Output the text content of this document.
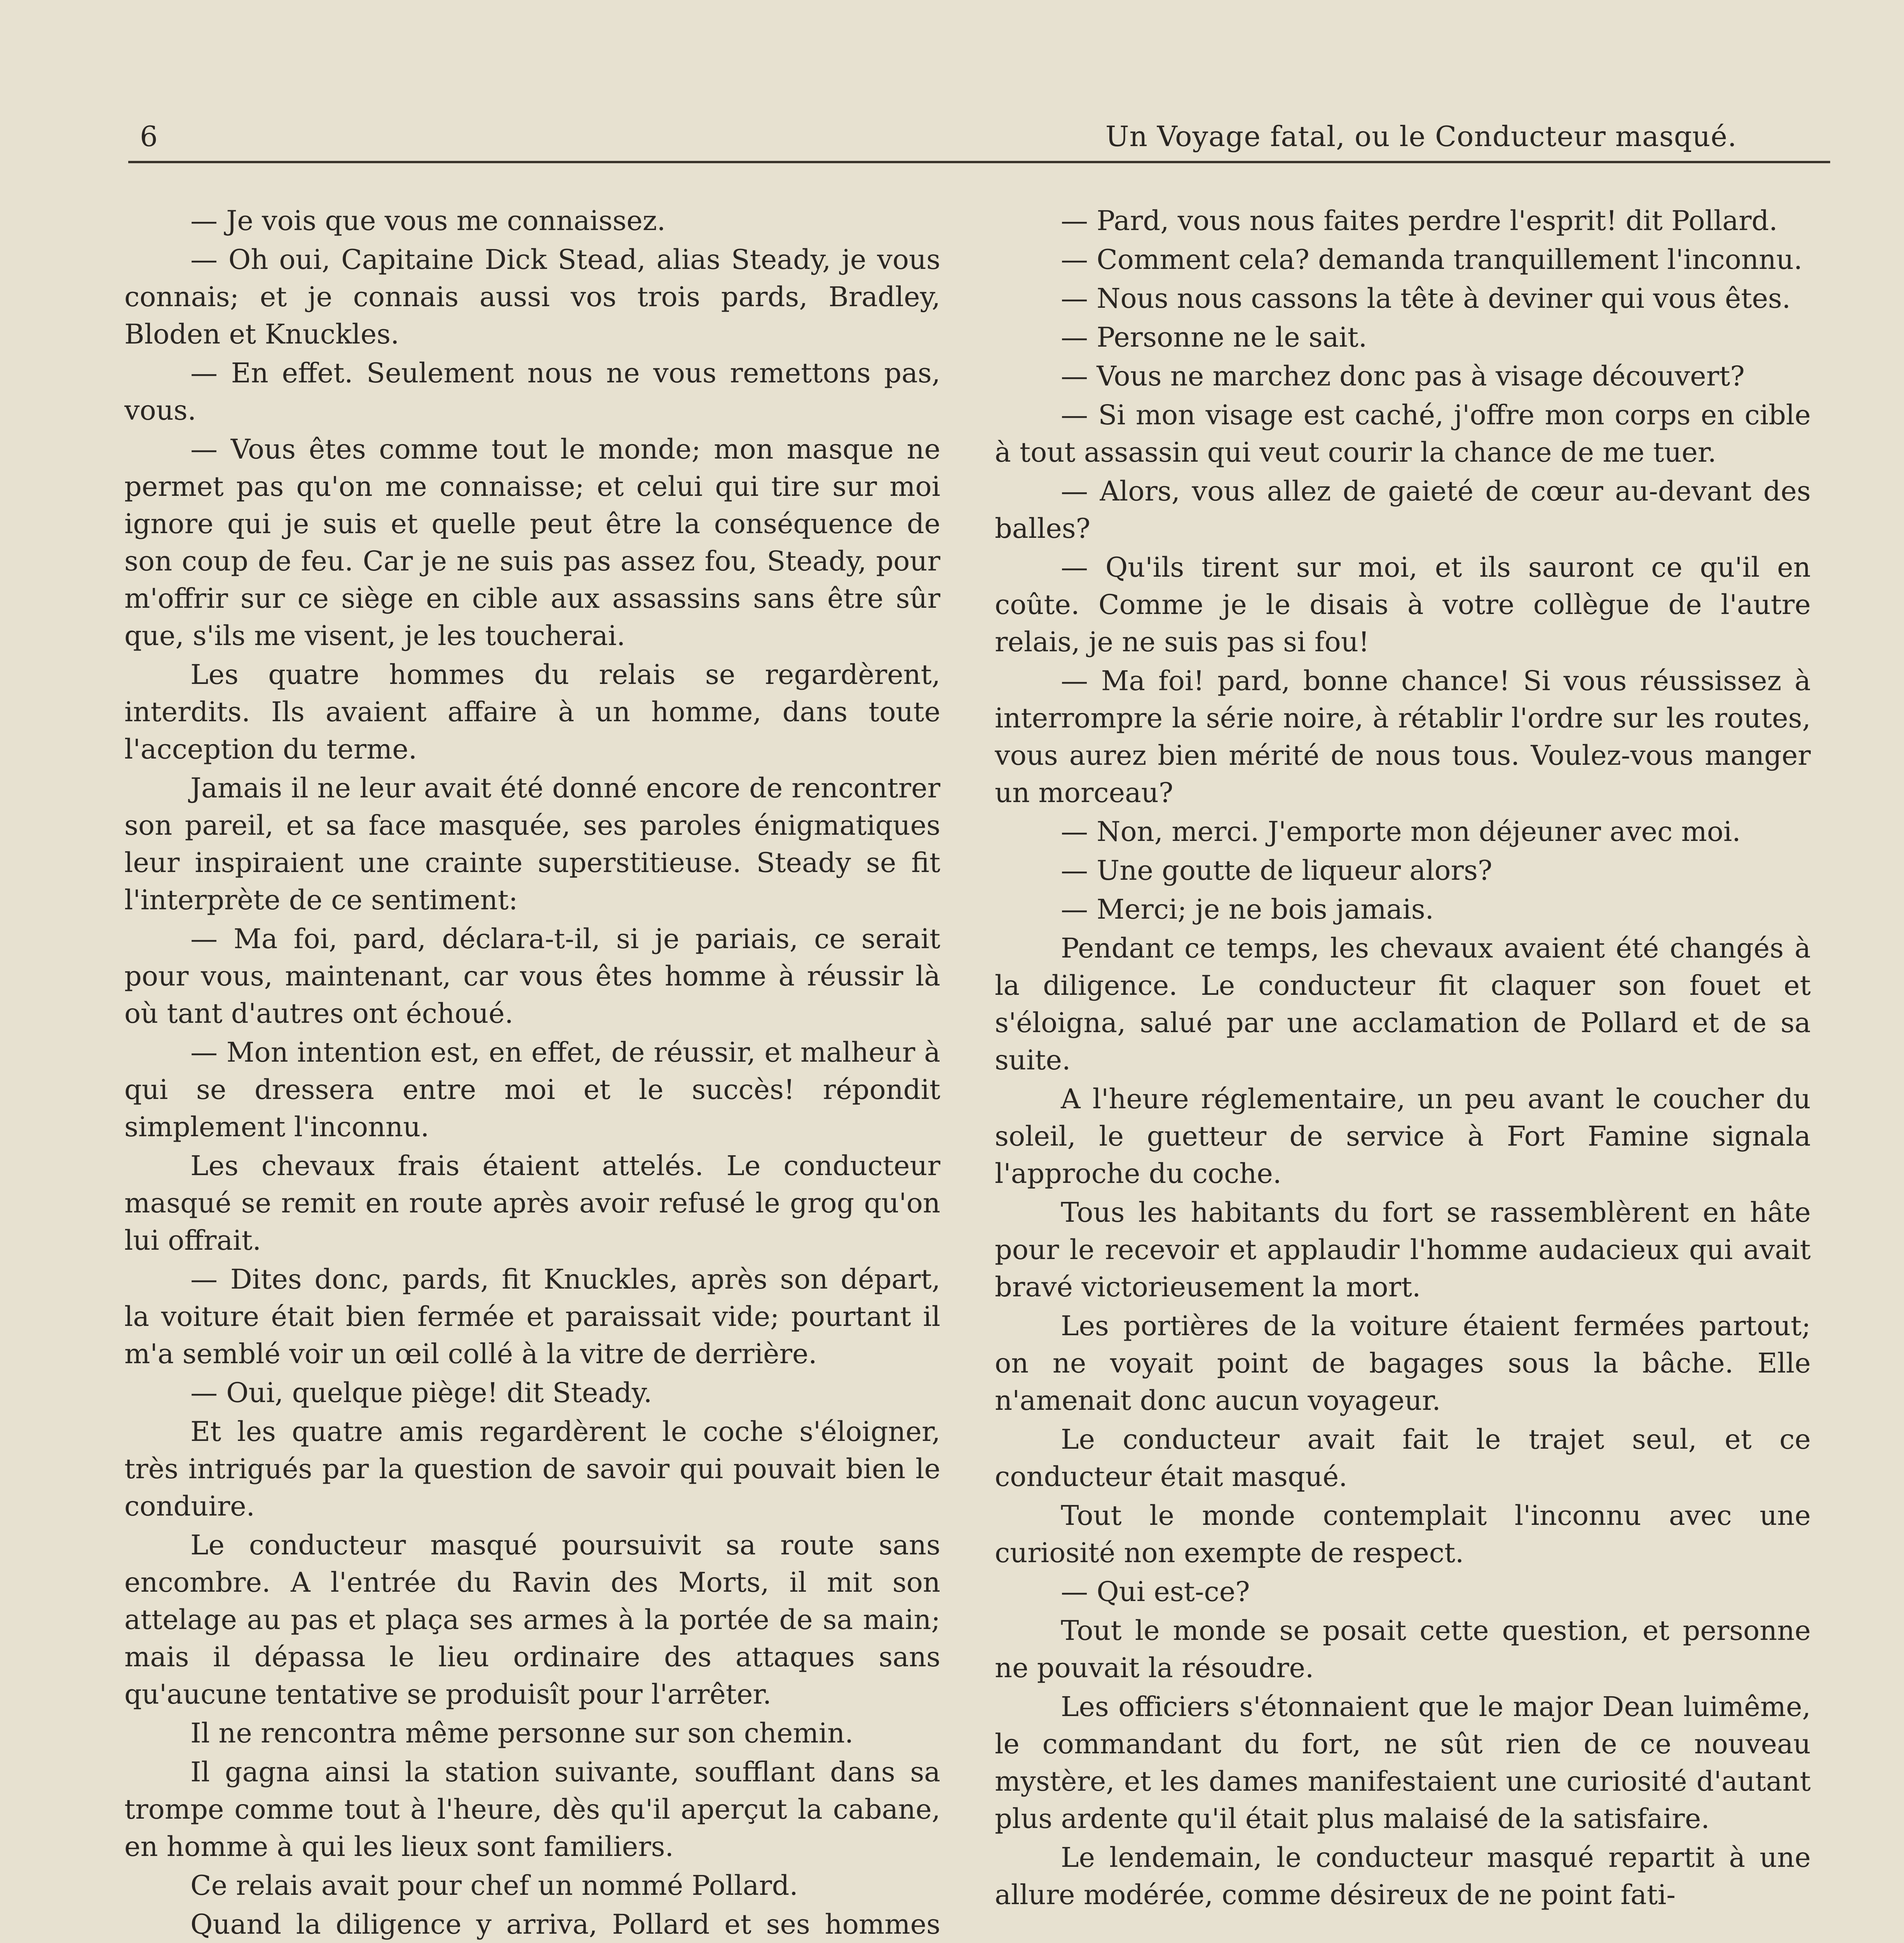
6	Un Voyage fatal, ou le Conducteur masqué.

— Je vois que vous me connaissez.

— Oh oui, Capitaine Dick Stead, alias Steady, je vous connais; et je connais aussi vos trois pards, Bradley, Bloden et Knuckles.

— En effet. Seulement nous ne vous remettons pas, vous.

— Vous êtes comme tout le monde; mon masque ne permet pas qu'on me connaisse; et celui qui tire sur moi ignore qui je suis et quelle peut être la conséquence de son coup de feu. Car je ne suis pas assez fou, Steady, pour m'offrir sur ce siège en cible aux assassins sans être sûr que, s'ils me visent, je les toucherai.

Les quatre hommes du relais se regardèrent, interdits. Ils avaient affaire à un homme, dans toute l'acception du terme.

Jamais il ne leur avait été donné encore de rencontrer son pareil, et sa face masquée, ses paroles énigmatiques leur inspiraient une crainte superstitieuse. Steady se fit l'interprète de ce sentiment:

— Ma foi, pard, déclara-t-il, si je pariais, ce serait pour vous, maintenant, car vous êtes homme à réussir là où tant d'autres ont échoué.

— Mon intention est, en effet, de réussir, et malheur à qui se dressera entre moi et le succès! répondit simplement l'inconnu.

Les chevaux frais étaient attelés. Le conducteur masqué se remit en route après avoir refusé le grog qu'on lui offrait.

— Dites donc, pards, fit Knuckles, après son départ, la voiture était bien fermée et paraissait vide; pourtant il m'a semblé voir un œil collé à la vitre de derrière.

— Oui, quelque piège! dit Steady.

Et les quatre amis regardèrent le coche s'éloigner, très intrigués par la question de savoir qui pouvait bien le conduire.

Le conducteur masqué poursuivit sa route sans encombre. A l'entrée du Ravin des Morts, il mit son attelage au pas et plaça ses armes à la portée de sa main; mais il dépassa le lieu ordinaire des attaques sans qu'aucune tentative se produisît pour l'arrêter.

Il ne rencontra même personne sur son chemin.

Il gagna ainsi la station suivante, soufflant dans sa trompe comme tout à l'heure, dès qu'il aperçut la cabane, en homme à qui les lieux sont familiers.

Ce relais avait pour chef un nommé Pollard.

Quand la diligence y arriva, Pollard et ses hommes

— Pard, vous nous faites perdre l'esprit! dit Pollard.

— Comment cela? demanda tranquillement l'inconnu.

— Nous nous cassons la tête à deviner qui vous êtes.

— Personne ne le sait.

— Vous ne marchez donc pas à visage découvert?

— Si mon visage est caché, j'offre mon corps en cible à tout assassin qui veut courir la chance de me tuer.

— Alors, vous allez de gaieté de cœur au-devant des balles?

— Qu'ils tirent sur moi, et ils sauront ce qu'il en coûte. Comme je le disais à votre collègue de l'autre relais, je ne suis pas si fou!

— Ma foi! pard, bonne chance! Si vous réussissez à interrompre la série noire, à rétablir l'ordre sur les routes, vous aurez bien mérité de nous tous. Voulez-vous manger un morceau?

— Non, merci. J'emporte mon déjeuner avec moi.

— Une goutte de liqueur alors?

— Merci; je ne bois jamais.

Pendant ce temps, les chevaux avaient été changés à la diligence. Le conducteur fit claquer son fouet et s'éloigna, salué par une acclamation de Pollard et de sa suite.

A l'heure réglementaire, un peu avant le coucher du soleil, le guetteur de service à Fort Famine signala l'approche du coche.

Tous les habitants du fort se rassemblèrent en hâte pour le recevoir et applaudir l'homme audacieux qui avait bravé victorieusement la mort.

Les portières de la voiture étaient fermées partout; on ne voyait point de bagages sous la bâche. Elle n'amenait donc aucun voyageur.

Le conducteur avait fait le trajet seul, et ce conducteur était masqué.

Tout le monde contemplait l'inconnu avec une curiosité non exempte de respect.

— Qui est-ce?

Tout le monde se posait cette question, et personne ne pouvait la résoudre.

Les officiers s'étonnaient que le major Dean luimême, le commandant du fort, ne sût rien de ce nouveau mystère, et les dames manifestaient une curiosité d'autant plus ardente qu'il était plus malaisé de la satisfaire.

Le lendemain, le conducteur masqué repartit à une allure modérée, comme désireux de ne point fati-
